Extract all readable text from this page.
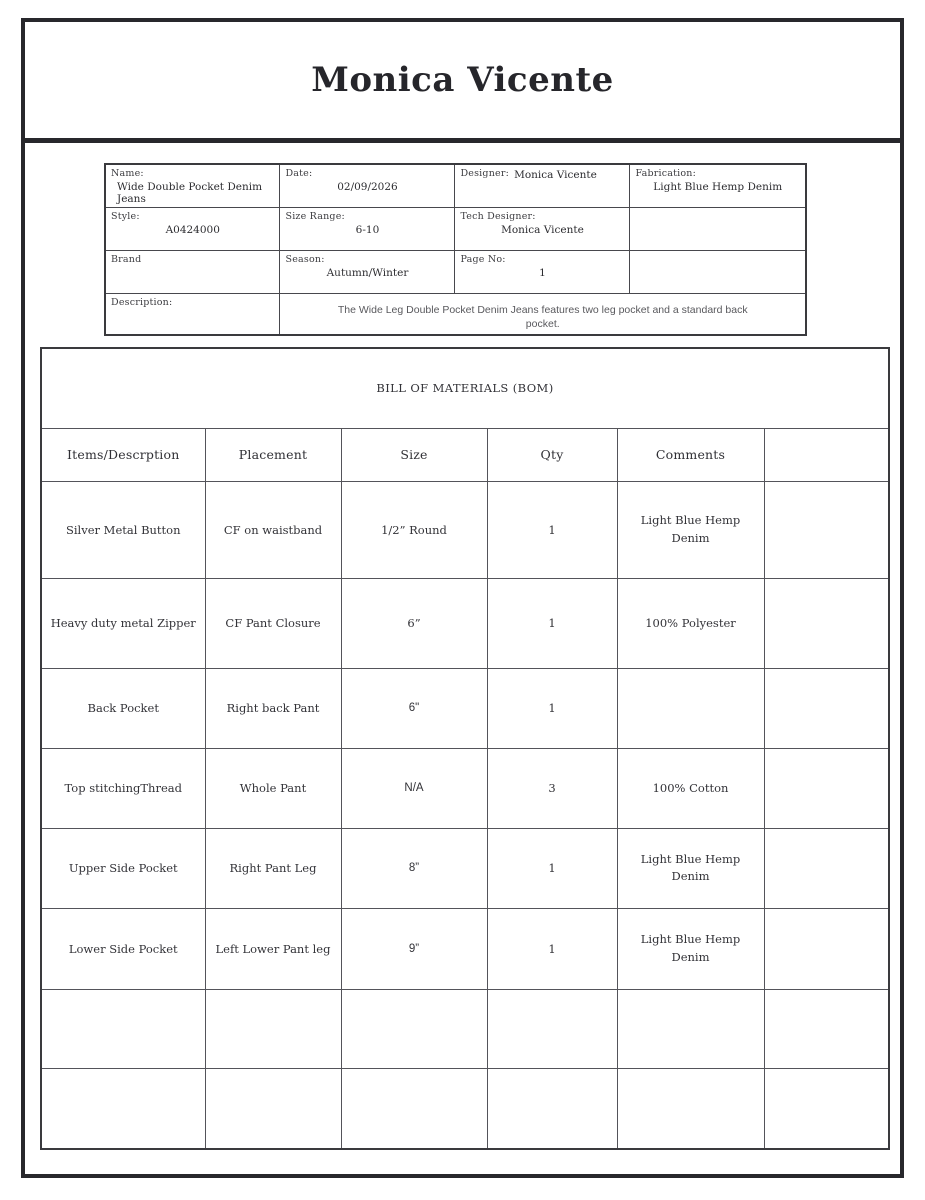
Monica Vicente
Name:
Wide Double Pocket Denim Jeans

Date:
02/09/2026

Designer: Monica Vicente	Fabrication:
Light Blue Hemp Denim

Style:
A0424000

Size Range:
6-10

Tech Designer:
Monica Vicente

Brand	Season:
Autumn/Winter

Page No:
1

Description:	The Wide Leg Double Pocket Denim Jeans features two leg pocket and a standard back pocket.		
BILL OF MATERIALS (BOM)					
Items/Descrption	Placement	Size	Qty	Comments	
Silver Metal Button	CF on waistband	1/2” Round	1	Light Blue Hemp Denim	
Heavy duty metal Zipper	CF Pant Closure	6”	1	100% Polyester	
Back Pocket	Right back Pant	6"	1		
Top stitchingThread	Whole Pant	N/A	3	100% Cotton	
Upper Side Pocket	Right Pant Leg	8”	1	Light Blue Hemp Denim	
Lower Side Pocket	Left Lower Pant leg	9”	1	Light Blue Hemp Denim	
